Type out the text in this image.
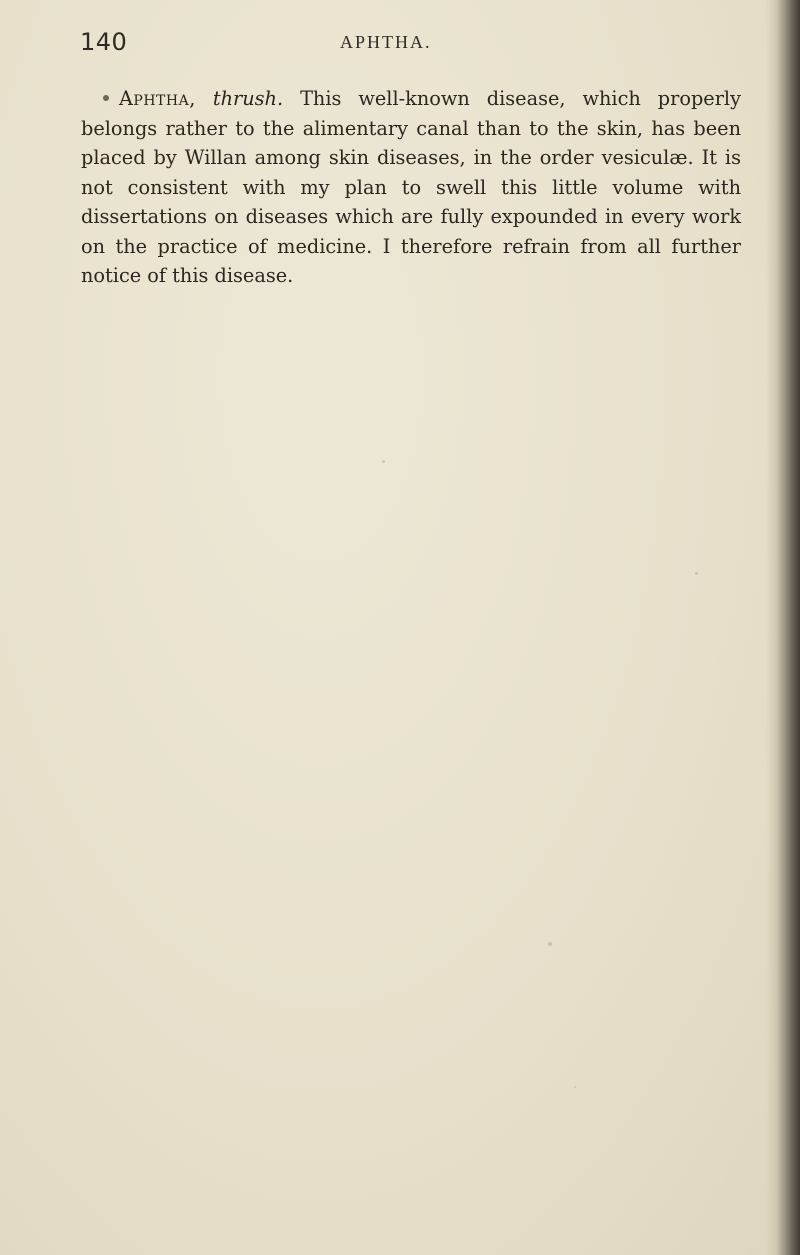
140	APHTHA.

Aphtha, thrush. This well-known disease, which properly belongs rather to the alimentary canal than to the skin, has been placed by Willan among skin diseases, in the order vesiculæ. It is not consistent with my plan to swell this little volume with dissertations on diseases which are fully expounded in every work on the practice of medicine. I therefore refrain from all further notice of this disease.
